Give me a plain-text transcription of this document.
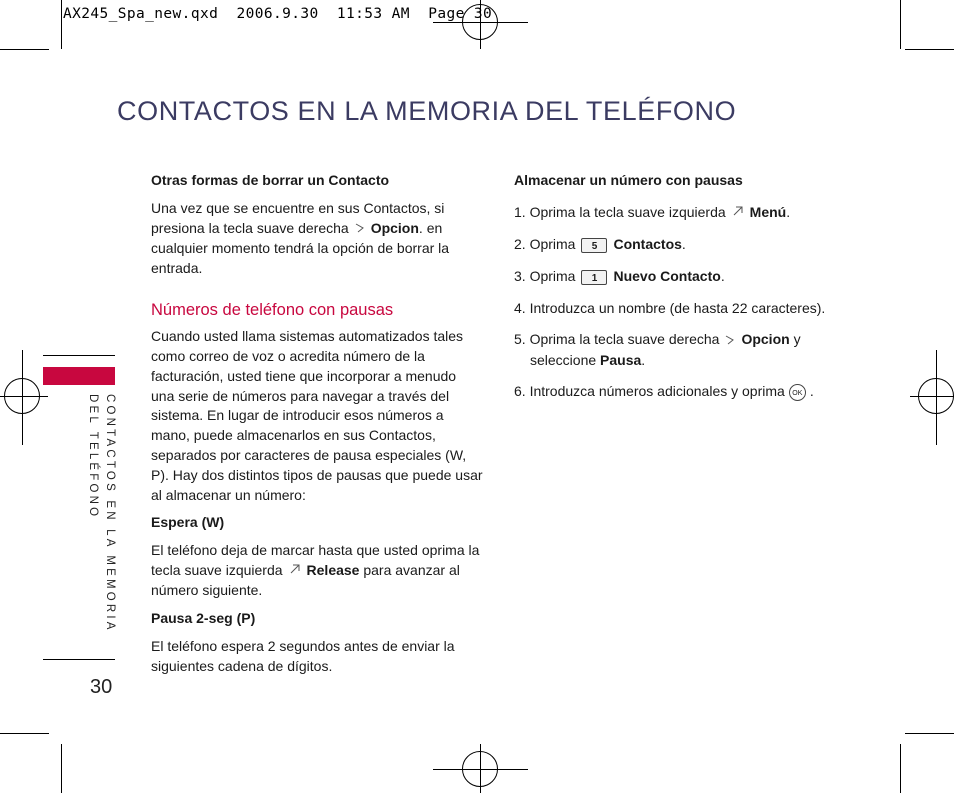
AX245_Spa_new.qxd  2006.9.30  11:53 AM  Page 30
CONTACTOS EN LA MEMORIA DEL TELÉFONO
CONTACTOS EN LA MEMORIA
DEL TELÉFONO
30

Otras formas de borrar un Contacto

Una vez que se encuentre en sus Contactos, si presiona la tecla suave derecha Opcion. en cualquier momento tendrá la opción de borrar la entrada.

Números de teléfono con pausas

Cuando usted llama sistemas automatizados tales como correo de voz o acredita número de la facturación, usted tiene que incorporar a menudo una serie de números para navegar a través del sistema. En lugar de introducir esos números a mano, puede almacenarlos en sus Contactos, separados por caracteres de pausa especiales (W, P). Hay dos distintos tipos de pausas que puede usar al almacenar un número:

Espera (W)

El teléfono deja de marcar hasta que usted oprima la tecla suave izquierda Release para avanzar al número siguiente.

Pausa 2-seg (P)

El teléfono espera 2 segundos antes de enviar la siguientes cadena de dígitos.

Almacenar un número con pausas

1. Oprima la tecla suave izquierda Menú.

2. Oprima 5 Contactos.

3. Oprima 1 Nuevo Contacto.

4. Introduzca un nombre (de hasta 22 caracteres).

5. Oprima la tecla suave derecha Opcion y
seleccione Pausa.

6. Introduzca números adicionales y oprima OK .
